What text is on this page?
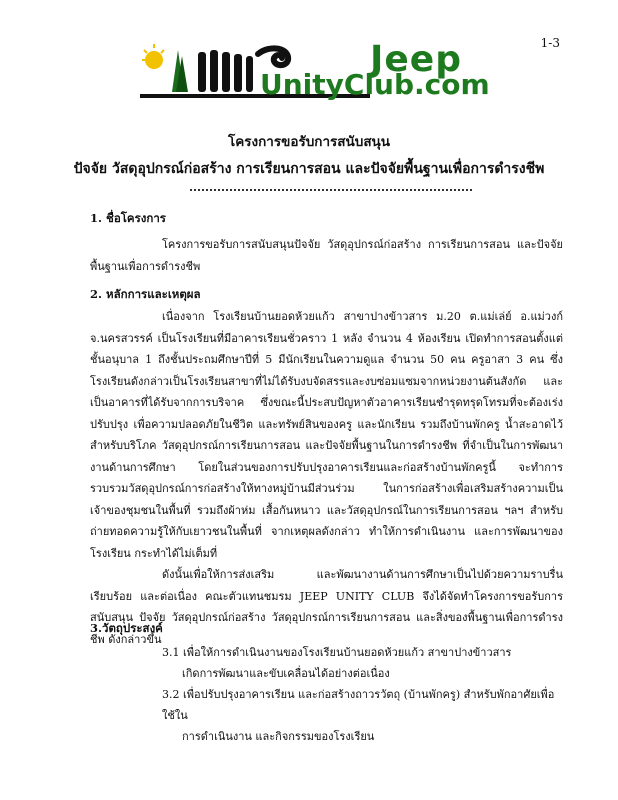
1-3
Jeep
UnityClub.com
โครงการขอรับการสนับสนุน
ปัจจัย วัสดุอุปกรณ์ก่อสร้าง การเรียนการสอน และปัจจัยพื้นฐานเพื่อการดำรงชีพ

1. ชื่อโครงการ

โครงการขอรับการสนับสนุนปัจจัย วัสดุอุปกรณ์ก่อสร้าง การเรียนการสอน และปัจจัยพื้นฐานเพื่อการดำรงชีพ

2. หลักการและเหตุผล

เนื่องจาก โรงเรียนบ้านยอดห้วยแก้ว สาขาปางข้าวสาร ม.20 ต.แม่เล่ย์ อ.แม่วงก์ จ.นครสวรรค์ เป็นโรงเรียนที่มีอาคารเรียนชั่วคราว 1 หลัง จำนวน 4 ห้องเรียน เปิดทำการสอนตั้งแต่ชั้นอนุบาล 1 ถึงชั้นประถมศึกษาปีที่ 5 มีนักเรียนในความดูแล จำนวน 50 คน ครูอาสา 3 คน ซึ่งโรงเรียนดังกล่าวเป็นโรงเรียนสาขาที่ไม่ได้รับงบจัดสรรและงบซ่อมแซมจากหน่วยงานต้นสังกัด และเป็นอาคารที่ได้รับจากการบริจาค ซึ่งขณะนี้ประสบปัญหาตัวอาคารเรียนชำรุดทรุดโทรมที่จะต้องเร่งปรับปรุง เพื่อความปลอดภัยในชีวิต และทรัพย์สินของครู และนักเรียน รวมถึงบ้านพักครู น้ำสะอาดไว้สำหรับบริโภค วัสดุอุปกรณ์การเรียนการสอน และปัจจัยพื้นฐานในการดำรงชีพ ที่จำเป็นในการพัฒนางานด้านการศึกษา โดยในส่วนของการปรับปรุงอาคารเรียนและก่อสร้างบ้านพักครูนี้ จะทำการรวบรวมวัสดุอุปกรณ์การก่อสร้างให้ทางหมู่บ้านมีส่วนร่วม ในการก่อสร้างเพื่อเสริมสร้างความเป็นเจ้าของชุมชนในพื้นที่ รวมถึงผ้าห่ม เสื้อกันหนาว และวัสดุอุปกรณ์ในการเรียนการสอน ฯลฯ สำหรับถ่ายทอดความรู้ให้กับเยาวชนในพื้นที่ จากเหตุผลดังกล่าว ทำให้การดำเนินงาน และการพัฒนาของโรงเรียน กระทำได้ไม่เต็มที่

ดังนั้นเพื่อให้การส่งเสริม และพัฒนางานด้านการศึกษาเป็นไปด้วยความราบรื่น เรียบร้อย และต่อเนื่อง คณะตัวแทนชมรม JEEP UNITY CLUB จึงได้จัดทำโครงการขอรับการสนับสนุน ปัจจัย วัสดุอุปกรณ์ก่อสร้าง วัสดุอุปกรณ์การเรียนการสอน และสิ่งของพื้นฐานเพื่อการดำรงชีพ ดังกล่าวขึ้น

3.วัตถุประสงค์

3.1 เพื่อให้การดำเนินงานของโรงเรียนบ้านยอดห้วยแก้ว สาขาปางข้าวสาร

เกิดการพัฒนาและขับเคลื่อนได้อย่างต่อเนื่อง

3.2 เพื่อปรับปรุงอาคารเรียน และก่อสร้างถาวรวัตถุ (บ้านพักครู) สำหรับพักอาศัยเพื่อใช้ใน

การดำเนินงาน และกิจกรรมของโรงเรียน
